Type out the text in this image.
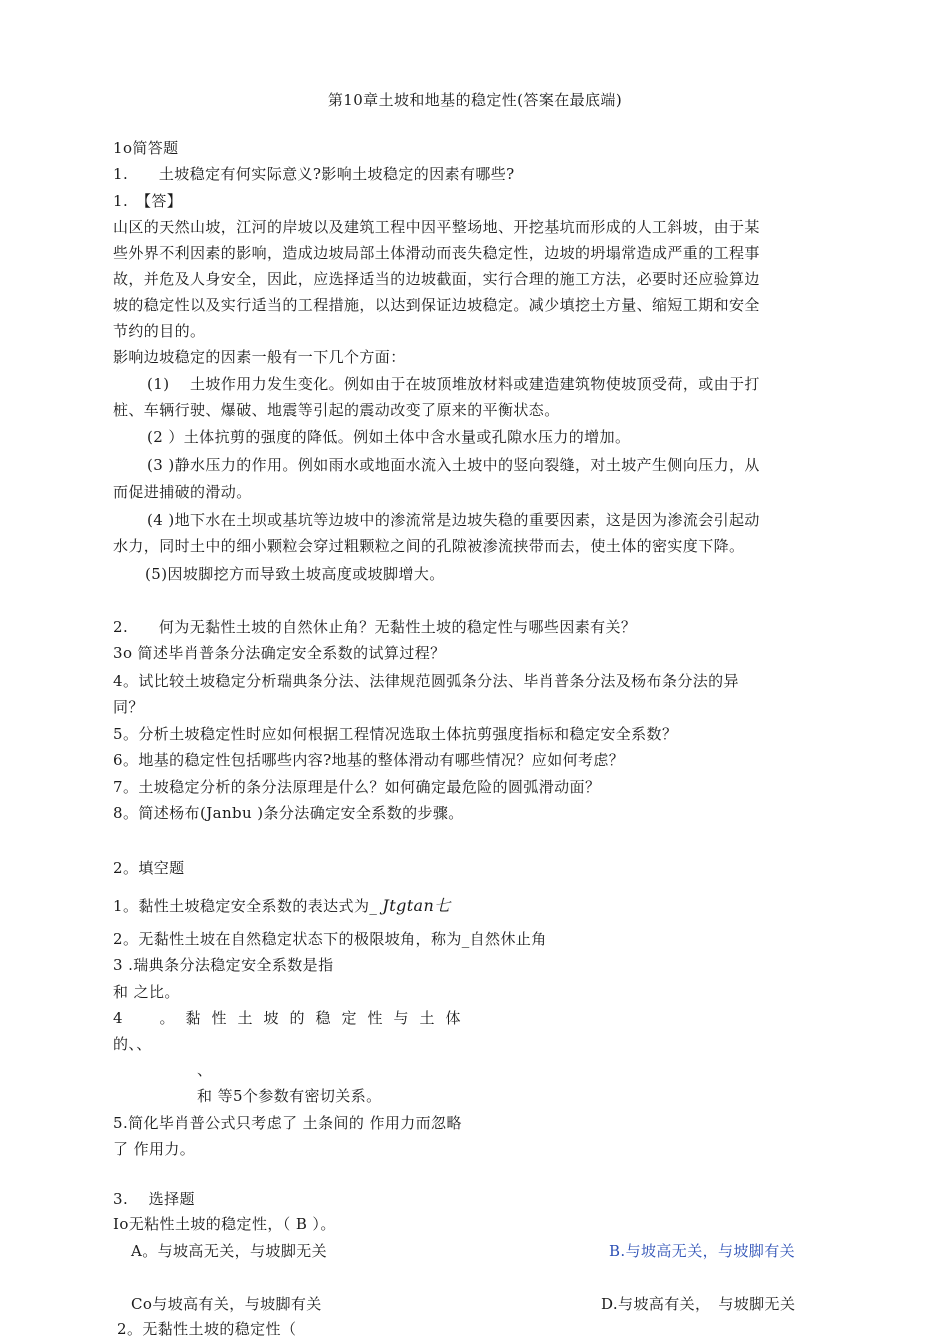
第10章土坡和地基的稳定性(答案在最底端)
1o简答题
1.　　土坡稳定有何实际意义?影响土坡稳定的因素有哪些?
1.　【答】
山区的天然山坡，江河的岸坡以及建筑工程中因平整场地、开挖基坑而形成的人工斜坡，由于某
些外界不利因素的影响，造成边坡局部土体滑动而丧失稳定性，边坡的坍塌常造成严重的工程事
故，并危及人身安全，因此，应选择适当的边坡截面，实行合理的施工方法，必要时还应验算边
坡的稳定性以及实行适当的工程措施，以达到保证边坡稳定。减少填挖土方量、缩短工期和安全
节约的目的。
影响边坡稳定的因素一般有一下几个方面：
(1)　 土坡作用力发生变化。例如由于在坡顶堆放材料或建造建筑物使坡顶受荷，或由于打
桩、车辆行驶、爆破、地震等引起的震动改变了原来的平衡状态。
(2 ）土体抗剪的强度的降低。例如土体中含水量或孔隙水压力的增加。
(3 )静水压力的作用。例如雨水或地面水流入土坡中的竖向裂缝，对土坡产生侧向压力，从
而促进捕破的滑动。
(4 )地下水在土坝或基坑等边坡中的渗流常是边坡失稳的重要因素，这是因为渗流会引起动
水力，同时土中的细小颗粒会穿过粗颗粒之间的孔隙被渗流挟带而去，使土体的密实度下降。
(5)因坡脚挖方而导致土坡高度或坡脚增大。
2.　　何为无黏性土坡的自然休止角？无黏性土坡的稳定性与哪些因素有关？
3o 简述毕肖普条分法确定安全系数的试算过程？
4。试比较土坡稳定分析瑞典条分法、法律规范圆弧条分法、毕肖普条分法及杨布条分法的异
同？
5。分析土坡稳定性时应如何根据工程情况选取土体抗剪强度指标和稳定安全系数？
6。地基的稳定性包括哪些内容?地基的整体滑动有哪些情况？应如何考虑？
7。土坡稳定分析的条分法原理是什么？如何确定最危险的圆弧滑动面？
8。简述杨布(Janbu )条分法确定安全系数的步骤。
2。填空题
1。黏性土坡稳定安全系数的表达式为_ Jtgtan七
2。无黏性土坡在自然稳定状态下的极限坡角，称为_自然休止角
3 .瑞典条分法稳定安全系数是指
和 之比。
4　。黏性土坡的稳定性与土体
的、、
、
和 等5个参数有密切关系。
5.简化毕肖普公式只考虑了 土条间的 作用力而忽略
了 作用力。
3.　 选择题
Io无粘性土坡的稳定性，（ B ）。
A。与坡高无关，与坡脚无关	B.与坡高无关，与坡脚有关
Co与坡高有关，与坡脚有关	D.与坡高有关，　与坡脚无关
2。无黏性土坡的稳定性（
